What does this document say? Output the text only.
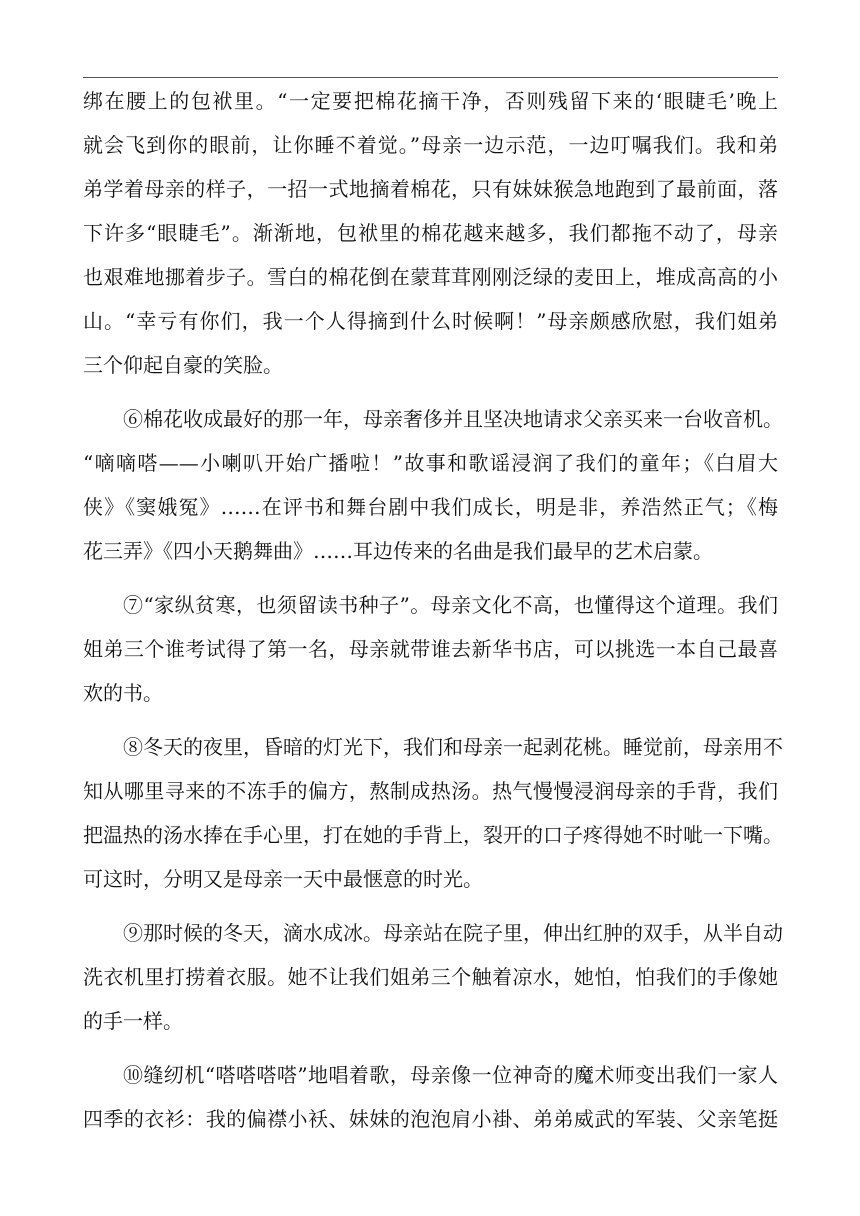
绑在腰上的包袱里。“一定要把棉花摘干净，否则残留下来的‘眼睫毛’晚上
就会飞到你的眼前，让你睡不着觉。”母亲一边示范，一边叮嘱我们。我和弟
弟学着母亲的样子，一招一式地摘着棉花，只有妹妹猴急地跑到了最前面，落
下许多“眼睫毛”。渐渐地，包袱里的棉花越来越多，我们都拖不动了，母亲
也艰难地挪着步子。雪白的棉花倒在蒙茸茸刚刚泛绿的麦田上，堆成高高的小
山。“幸亏有你们，我一个人得摘到什么时候啊！”母亲颇感欣慰，我们姐弟
三个仰起自豪的笑脸。
⑥棉花收成最好的那一年，母亲奢侈并且坚决地请求父亲买来一台收音机。
“嘀嘀嗒——小喇叭开始广播啦！”故事和歌谣浸润了我们的童年；《白眉大
侠》《窦娥冤》……在评书和舞台剧中我们成长，明是非，养浩然正气；《梅
花三弄》《四小天鹅舞曲》……耳边传来的名曲是我们最早的艺术启蒙。
⑦“家纵贫寒，也须留读书种子”。母亲文化不高，也懂得这个道理。我们
姐弟三个谁考试得了第一名，母亲就带谁去新华书店，可以挑选一本自己最喜
欢的书。
⑧冬天的夜里，昏暗的灯光下，我们和母亲一起剥花桃。睡觉前，母亲用不
知从哪里寻来的不冻手的偏方，熬制成热汤。热气慢慢浸润母亲的手背，我们
把温热的汤水捧在手心里，打在她的手背上，裂开的口子疼得她不时呲一下嘴。
可这时，分明又是母亲一天中最惬意的时光。
⑨那时候的冬天，滴水成冰。母亲站在院子里，伸出红肿的双手，从半自动
洗衣机里打捞着衣服。她不让我们姐弟三个触着凉水，她怕，怕我们的手像她
的手一样。
⑩缝纫机“嗒嗒嗒嗒”地唱着歌，母亲像一位神奇的魔术师变出我们一家人
四季的衣衫：我的偏襟小袄、妹妹的泡泡肩小褂、弟弟威武的军装、父亲笔挺
